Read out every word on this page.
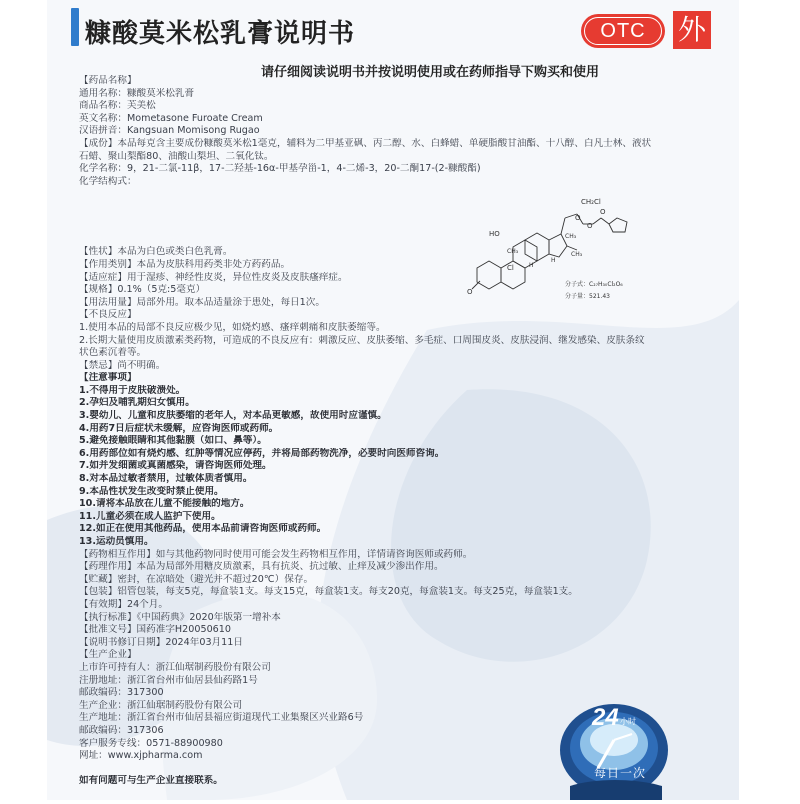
糠酸莫米松乳膏说明书	OTC	外
请仔细阅读说明书并按说明使用或在药师指导下购买和使用
【药品名称】
通用名称：糠酸莫米松乳膏
商品名称：芙美松
英文名称：Mometasone Furoate Cream
汉语拼音：Kangsuan Momisong Rugao
【成份】本品每克含主要成份糠酸莫米松1毫克，辅料为二甲基亚砜、丙二醇、水、白蜂蜡、单硬脂酸甘油酯、十八醇、白凡士林、液状
石蜡、聚山梨酯80、油酸山梨坦、二氧化钛。
化学名称：9，21-二氯-11β，17-二羟基-16α-甲基孕甾-1，4-二烯-3，20-二酮17-(2-糠酸酯)
化学结构式：
【性状】本品为白色或类白色乳膏。
【作用类别】本品为皮肤科用药类非处方药药品。
【适应症】用于湿疹、神经性皮炎，异位性皮炎及皮肤瘙痒症。
【规格】0.1%（5克:5毫克）
【用法用量】局部外用。取本品适量涂于患处，每日1次。
【不良反应】
1.使用本品的局部不良反应极少见，如烧灼感、瘙痒刺痛和皮肤萎缩等。
2.长期大量使用皮质激素类药物，可造成的不良反应有：刺激反应、皮肤萎缩、多毛症、口周围皮炎、皮肤浸润、继发感染、皮肤条纹
状色素沉着等。
【禁忌】尚不明确。
【注意事项】
1.不得用于皮肤破溃处。
2.孕妇及哺乳期妇女慎用。
3.婴幼儿、儿童和皮肤萎缩的老年人，对本品更敏感，故使用时应谨慎。
4.用药7日后症状未缓解，应咨询医师或药师。
5.避免接触眼睛和其他黏膜（如口、鼻等）。
6.用药部位如有烧灼感、红肿等情况应停药，并将局部药物洗净，必要时向医师咨询。
7.如并发细菌或真菌感染，请咨询医师处理。
8.对本品过敏者禁用，过敏体质者慎用。
9.本品性状发生改变时禁止使用。
10.请将本品放在儿童不能接触的地方。
11.儿童必须在成人监护下使用。
12.如正在使用其他药品，使用本品前请咨询医师或药师。
13.运动员慎用。
【药物相互作用】如与其他药物同时使用可能会发生药物相互作用，详情请咨询医师或药师。
【药理作用】本品为局部外用糖皮质激素，具有抗炎、抗过敏、止痒及减少渗出作用。
【贮藏】密封，在凉暗处（避光并不超过20℃）保存。
【包装】铝管包装，每支5克，每盒装1支。每支15克，每盒装1支。每支20克，每盒装1支。每支25克，每盒装1支。
【有效期】24个月。
【执行标准】《中国药典》2020年版第一增补本
【批准文号】国药准字H20050610
【说明书修订日期】2024年03月11日
【生产企业】
上市许可持有人：浙江仙琚制药股份有限公司
注册地址：浙江省台州市仙居县仙药路1号
邮政编码：317300
生产企业：浙江仙琚制药股份有限公司
生产地址：浙江省台州市仙居县福应街道现代工业集聚区兴业路6号
邮政编码：317306
客户服务专线：0571-88900980
网址：www.xjpharma.com
如有问题可与生产企业直接联系。
CH₂Cl
O
O
O
HO
CH₃
CH₃
Cl	H
H
O
CH₃
分子式：C₂₇H₃₀Cl₂O₆
分子量：521.43
24 小时
每日一次
